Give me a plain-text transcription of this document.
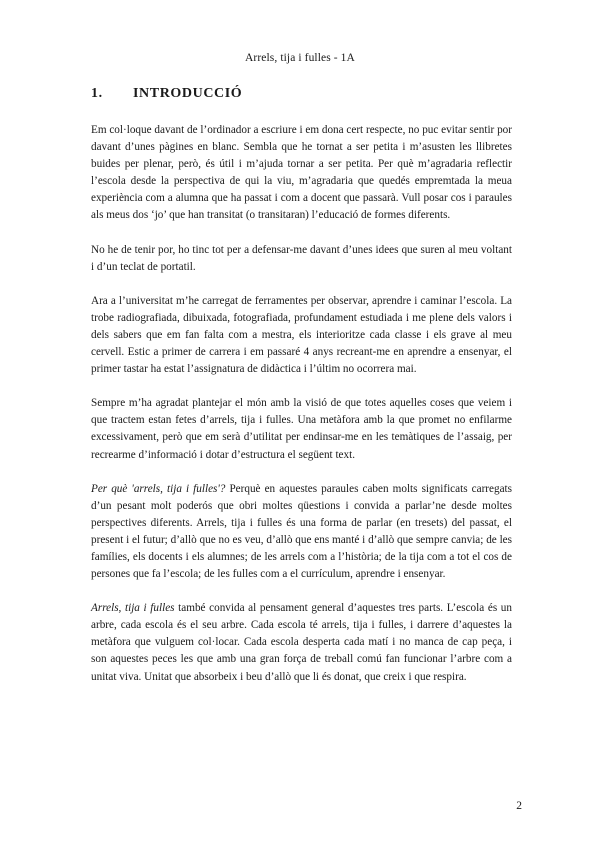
Arrels, tija i fulles - 1A
1. INTRODUCCIÓ

Em col·loque davant de l’ordinador a escriure i em dona cert respecte, no puc evitar sentir por davant d’unes pàgines en blanc. Sembla que he tornat a ser petita i m’asusten les llibretes buides per plenar, però, és útil i m’ajuda tornar a ser petita. Per què m’agradaria reflectir l’escola desde la perspectiva de qui la viu, m’agradaria que quedés empremtada la meua experiència com a alumna que ha passat i com a docent que passarà. Vull posar cos i paraules als meus dos ‘jo’ que han transitat (o transitaran) l’educació de formes diferents.

No he de tenir por, ho tinc tot per a defensar-me davant d’unes idees que suren al meu voltant i d’un teclat de portatil.

Ara a l’universitat m’he carregat de ferramentes per observar, aprendre i caminar l’escola. La trobe radiografiada, dibuixada, fotografiada, profundament estudiada i me plene dels valors i dels sabers que em fan falta com a mestra, els interioritze cada classe i els grave al meu cervell. Estic a primer de carrera i em passaré 4 anys recreant-me en aprendre a ensenyar, el primer tastar ha estat l’assignatura de didàctica i l’últim no ocorrera mai.

Sempre m’ha agradat plantejar el món amb la visió de que totes aquelles coses que veiem i que tractem estan fetes d’arrels, tija i fulles. Una metàfora amb la que promet no enfilarme excessivament, però que em serà d’utilitat per endinsar-me en les temàtiques de l’assaig, per recrearme d’informació i dotar d’estructura el següent text.

Per què 'arrels, tija i fulles'? Perquè en aquestes paraules caben molts significats carregats d’un pesant molt poderós que obri moltes qüestions i convida a parlar’ne desde moltes perspectives diferents. Arrels, tija i fulles és una forma de parlar (en tresets) del passat, el present i el futur; d’allò que no es veu, d’allò que ens manté i d’allò que sempre canvia; de les famílies, els docents i els alumnes; de les arrels com a l’història; de la tija com a tot el cos de persones que fa l’escola; de les fulles com a el currículum, aprendre i ensenyar.

Arrels, tija i fulles també convida al pensament general d’aquestes tres parts. L’escola és un arbre, cada escola és el seu arbre. Cada escola té arrels, tija i fulles, i darrere d’aquestes la metàfora que vulguem col·locar. Cada escola desperta cada matí i no manca de cap peça, i son aquestes peces les que amb una gran força de treball comú fan funcionar l’arbre com a unitat viva. Unitat que absorbeix i beu d’allò que li és donat, que creix i que respira.

2
